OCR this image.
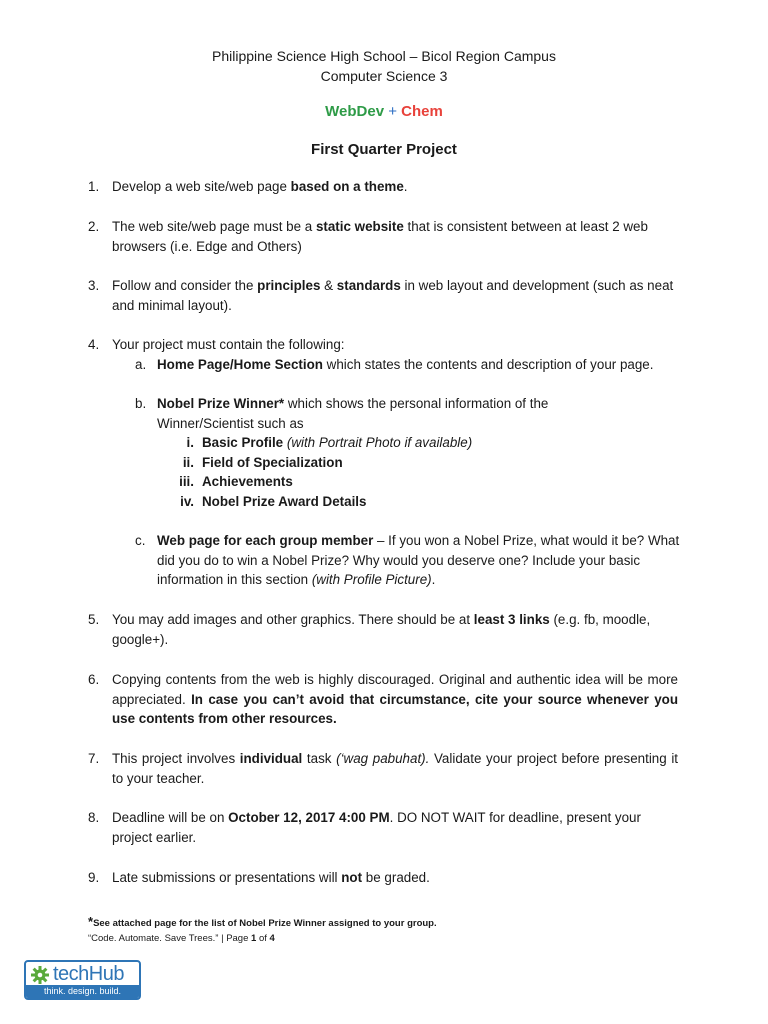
Philippine Science High School – Bicol Region Campus
Computer Science 3
WebDev + Chem
First Quarter Project
1. Develop a web site/web page based on a theme.
2. The web site/web page must be a static website that is consistent between at least 2 web browsers (i.e. Edge and Others)
3. Follow and consider the principles & standards in web layout and development (such as neat and minimal layout).
4. Your project must contain the following:
a. Home Page/Home Section which states the contents and description of your page.
b. Nobel Prize Winner* which shows the personal information of the Winner/Scientist such as
i. Basic Profile (with Portrait Photo if available)
ii. Field of Specialization
iii. Achievements
iv. Nobel Prize Award Details
c. Web page for each group member – If you won a Nobel Prize, what would it be? What did you do to win a Nobel Prize? Why would you deserve one? Include your basic information in this section (with Profile Picture).
5. You may add images and other graphics. There should be at least 3 links (e.g. fb, moodle, google+).
6. Copying contents from the web is highly discouraged. Original and authentic idea will be more appreciated. In case you can’t avoid that circumstance, cite your source whenever you use contents from other resources.
7. This project involves individual task (‘wag pabuhat). Validate your project before presenting it to your teacher.
8. Deadline will be on October 12, 2017 4:00 PM. DO NOT WAIT for deadline, present your project earlier.
9. Late submissions or presentations will not be graded.
*See attached page for the list of Nobel Prize Winner assigned to your group.
“Code. Automate. Save Trees.” | Page 1 of 4
techHub
think. design. build.
